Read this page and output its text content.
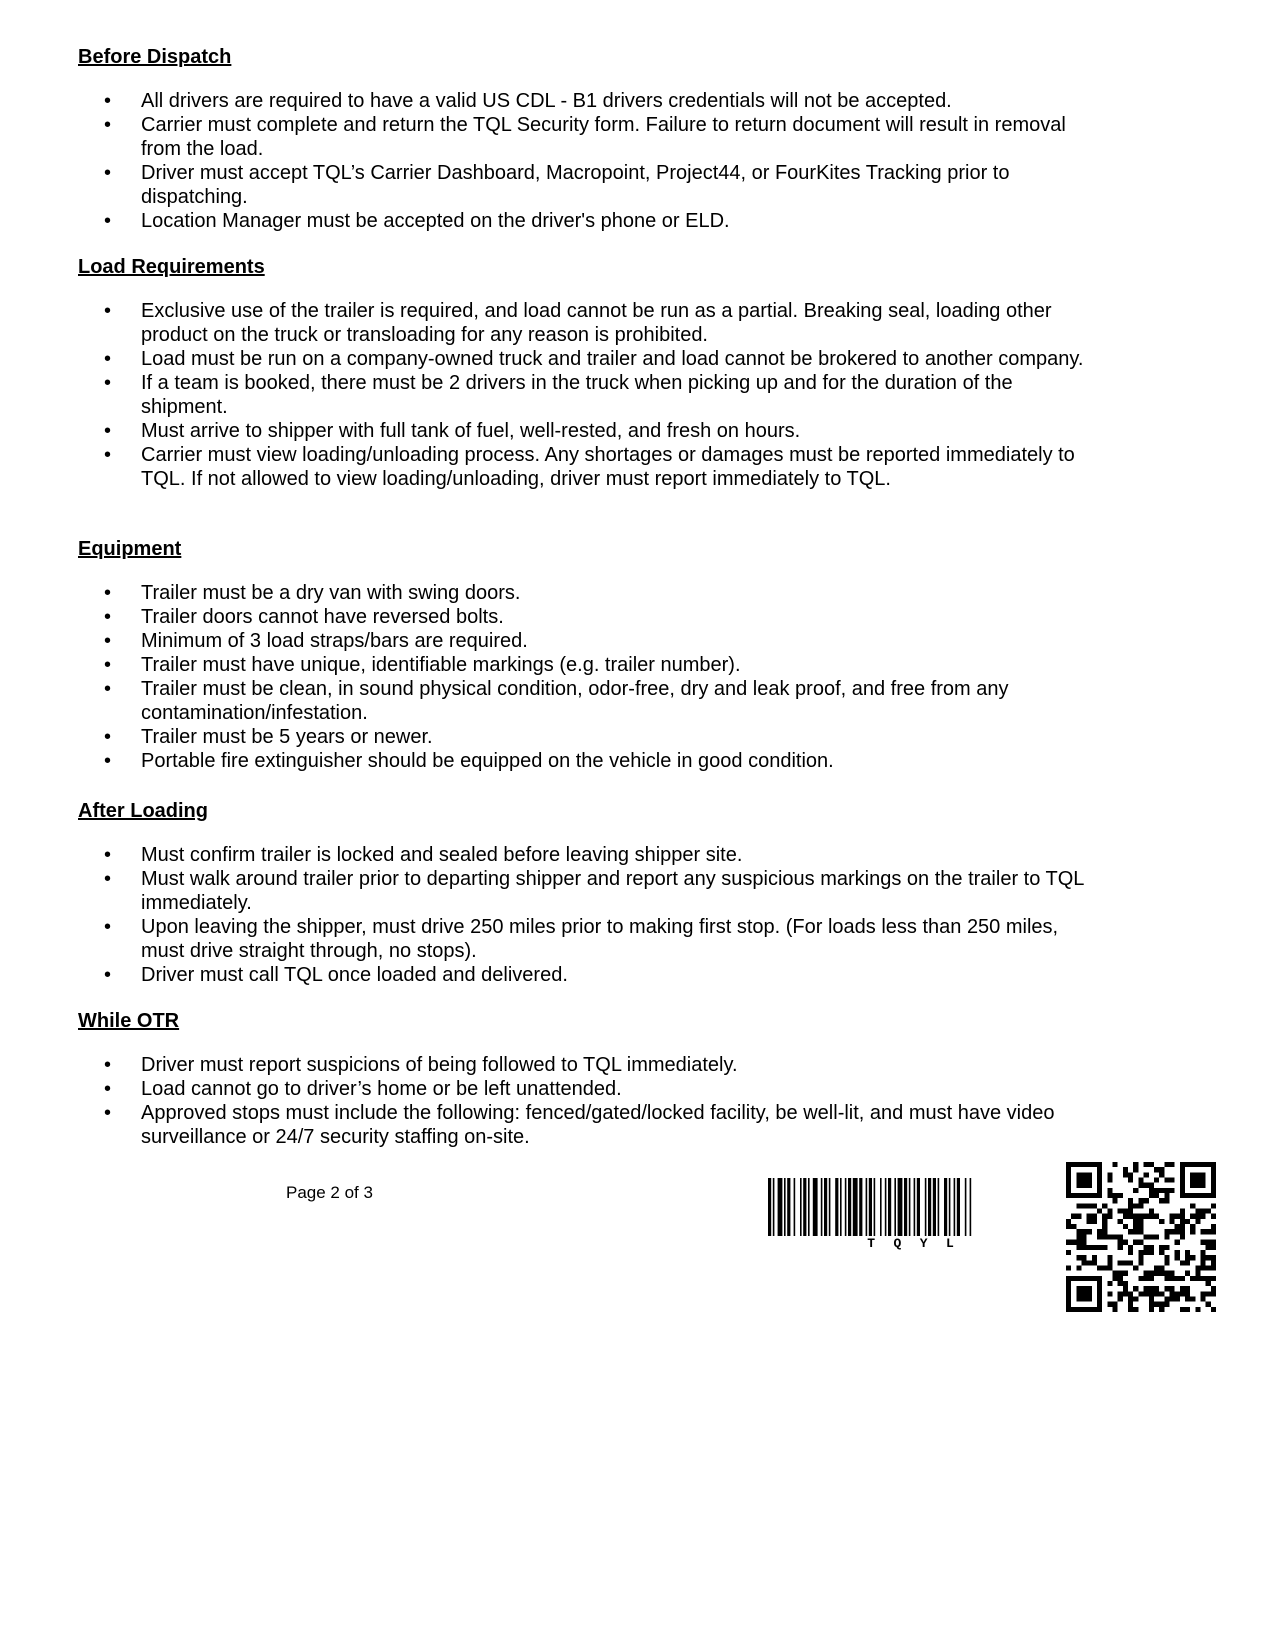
Before Dispatch
• All drivers are required to have a valid US CDL - B1 drivers credentials will not be accepted.
• Carrier must complete and return the TQL Security form. Failure to return document will result in removal from the load.
• Driver must accept TQL’s Carrier Dashboard, Macropoint, Project44, or FourKites Tracking prior to dispatching.
• Location Manager must be accepted on the driver's phone or ELD.
Load Requirements
• Exclusive use of the trailer is required, and load cannot be run as a partial. Breaking seal, loading other product on the truck or transloading for any reason is prohibited.
• Load must be run on a company-owned truck and trailer and load cannot be brokered to another company.
• If a team is booked, there must be 2 drivers in the truck when picking up and for the duration of the shipment.
• Must arrive to shipper with full tank of fuel, well-rested, and fresh on hours.
• Carrier must view loading/unloading process. Any shortages or damages must be reported immediately to TQL. If not allowed to view loading/unloading, driver must report immediately to TQL.
Equipment
• Trailer must be a dry van with swing doors.
• Trailer doors cannot have reversed bolts.
• Minimum of 3 load straps/bars are required.
• Trailer must have unique, identifiable markings (e.g. trailer number).
• Trailer must be clean, in sound physical condition, odor-free, dry and leak proof, and free from any contamination/infestation.
• Trailer must be 5 years or newer.
• Portable fire extinguisher should be equipped on the vehicle in good condition.
After Loading
• Must confirm trailer is locked and sealed before leaving shipper site.
• Must walk around trailer prior to departing shipper and report any suspicious markings on the trailer to TQL immediately.
• Upon leaving the shipper, must drive 250 miles prior to making first stop. (For loads less than 250 miles, must drive straight through, no stops).
• Driver must call TQL once loaded and delivered.
While OTR
• Driver must report suspicions of being followed to TQL immediately.
• Load cannot go to driver’s home or be left unattended.
• Approved stops must include the following: fenced/gated/locked facility, be well-lit, and must have video surveillance or 24/7 security staffing on-site.
Page 2 of 3
T Q Y L
